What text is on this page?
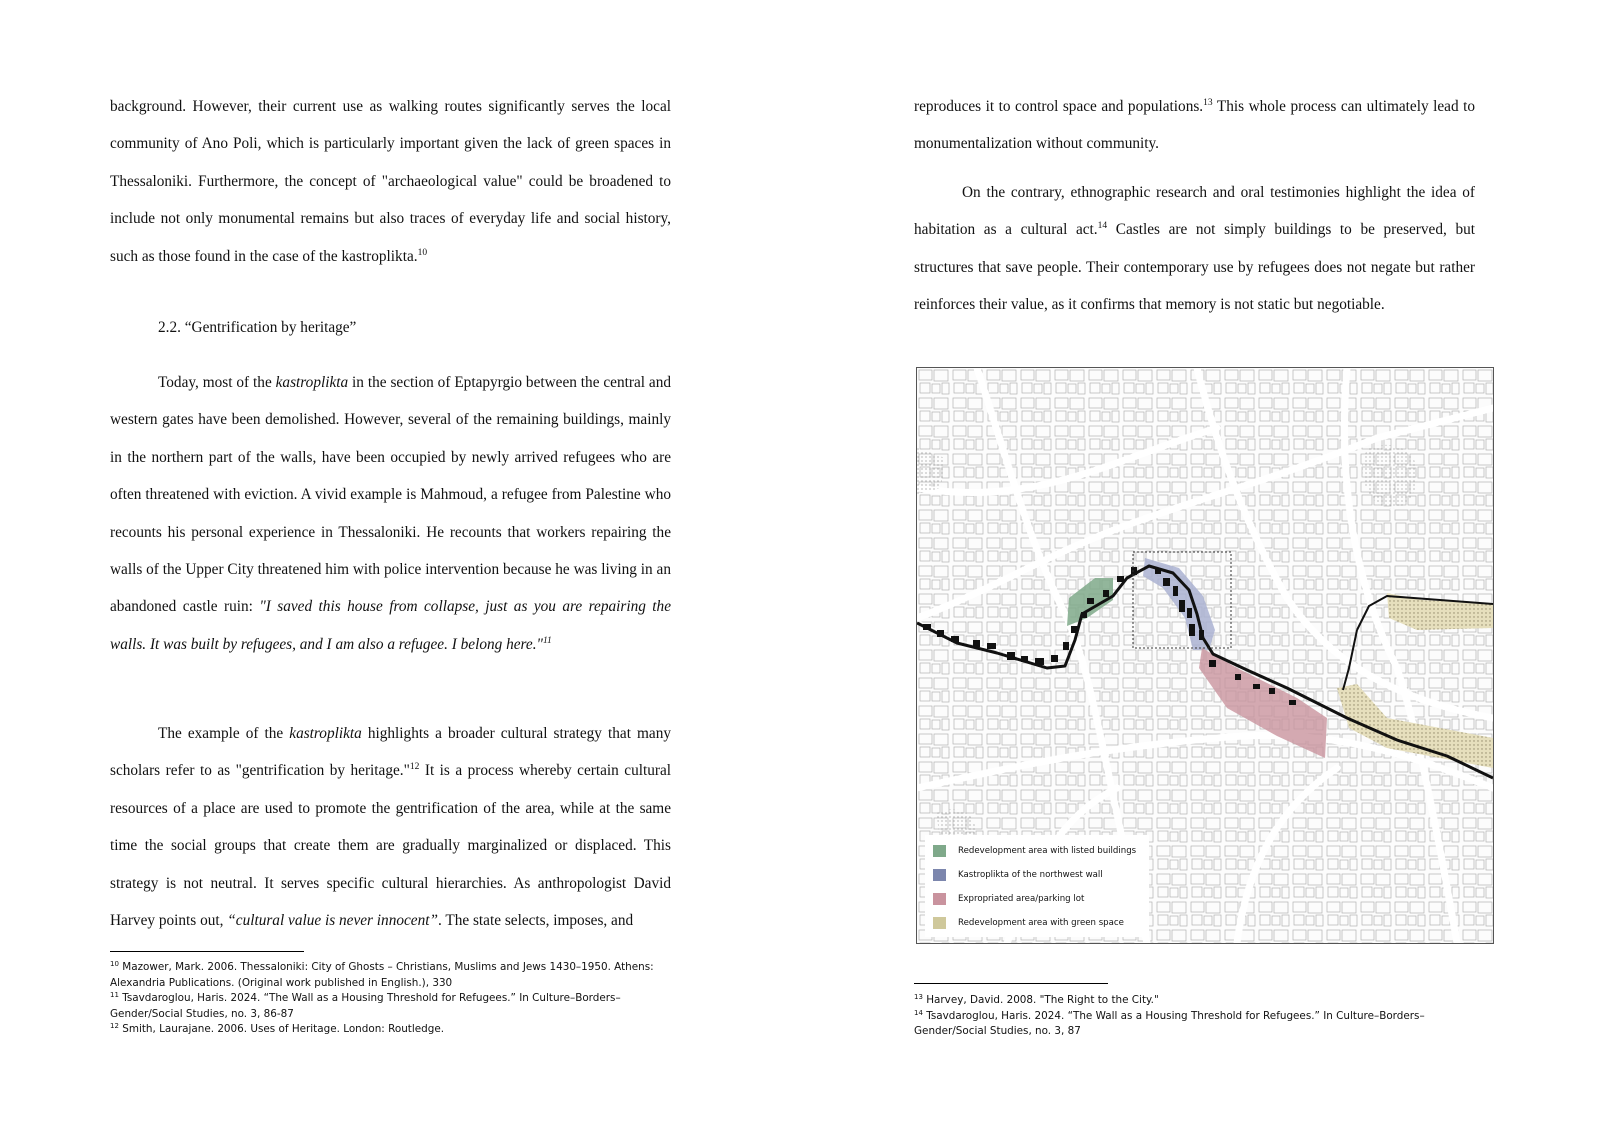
background. However, their current use as walking routes significantly serves the local community of Ano Poli, which is particularly important given the lack of green spaces in Thessaloniki. Furthermore, the concept of "archaeological value" could be broadened to include not only monumental remains but also traces of everyday life and social history, such as those found in the case of the kastroplikta.$^{10}$

2.2. “Gentrification by heritage”

Today, most of the kastroplikta in the section of Eptapyrgio between the central and western gates have been demolished. However, several of the remaining buildings, mainly in the northern part of the walls, have been occupied by newly arrived refugees who are often threatened with eviction. A vivid example is Mahmoud, a refugee from Palestine who recounts his personal experience in Thessaloniki. He recounts that workers repairing the walls of the Upper City threatened him with police intervention because he was living in an abandoned castle ruin: "I saved this house from collapse, just as you are repairing the walls. It was built by refugees, and I am also a refugee. I belong here."$^{11}$

The example of the kastroplikta highlights a broader cultural strategy that many scholars refer to as "gentrification by heritage."$^{12}$ It is a process whereby certain cultural resources of a place are used to promote the gentrification of the area, while at the same time the social groups that create them are gradually marginalized or displaced. This strategy is not neutral. It serves specific cultural hierarchies. As anthropologist David Harvey points out, “cultural value is never innocent”. The state selects, imposes, and

$^{10}$ Mazower, Mark. 2006. Thessaloniki: City of Ghosts – Christians, Muslims and Jews 1430–1950. Athens: Alexandria Publications. (Original work published in English.), 330

$^{11}$ Tsavdaroglou, Haris. 2024. “The Wall as a Housing Threshold for Refugees.” In Culture–Borders–Gender/Social Studies, no. 3, 86-87

$^{12}$ Smith, Laurajane. 2006. Uses of Heritage. London: Routledge.

reproduces it to control space and populations.$^{13}$ This whole process can ultimately lead to monumentalization without community.

On the contrary, ethnographic research and oral testimonies highlight the idea of habitation as a cultural act.$^{14}$ Castles are not simply buildings to be preserved, but structures that save people. Their contemporary use by refugees does not negate but rather reinforces their value, as it confirms that memory is not static but negotiable.

Redevelopment area with listed buildings
Kastroplikta of the northwest wall
Expropriated area/parking lot
Redevelopment area with green space

$^{13}$ Harvey, David. 2008. "The Right to the City."

$^{14}$ Tsavdaroglou, Haris. 2024. “The Wall as a Housing Threshold for Refugees.” In Culture–Borders–Gender/Social Studies, no. 3, 87
